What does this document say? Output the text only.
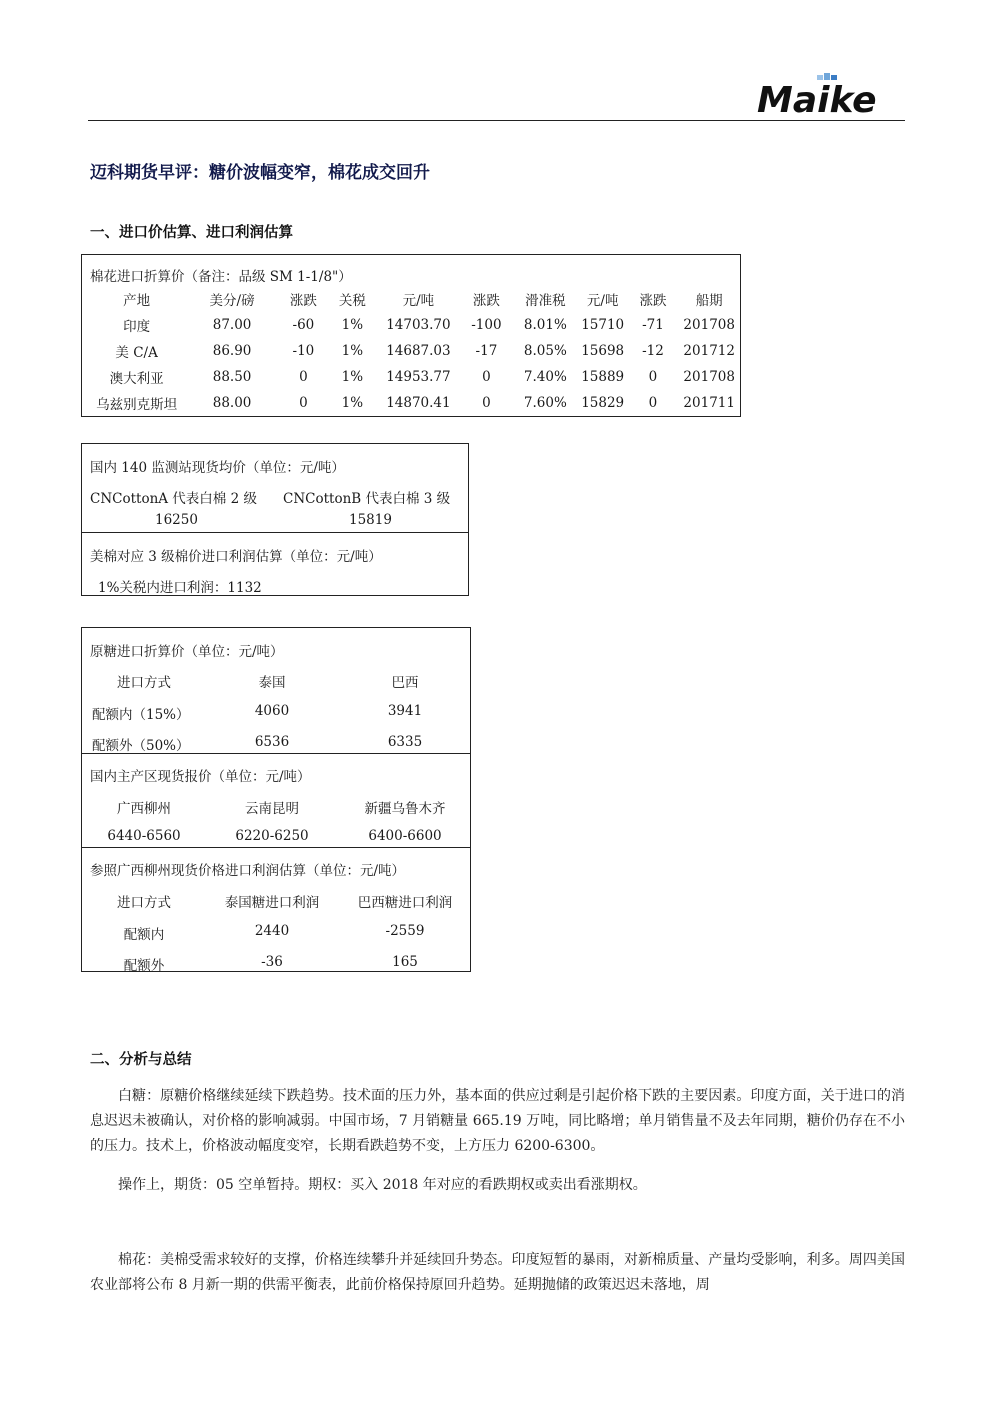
Maike
迈科期货早评：糖价波幅变窄，棉花成交回升
一、进口价估算、进口利润估算
棉花进口折算价（备注：品级 SM 1-1/8"）
产地	美分/磅	涨跌	关税	元/吨	涨跌	滑准税	元/吨	涨跌	船期
印度	87.00	-60	1%	14703.70	-100	8.01%	15710	-71	201708
美 C/A	86.90	-10	1%	14687.03	-17	8.05%	15698	-12	201712
澳大利亚	88.50	0	1%	14953.77	0	7.40%	15889	0	201708
乌兹别克斯坦	88.00	0	1%	14870.41	0	7.60%	15829	0	201711
国内 140 监测站现货均价（单位：元/吨）
CNCottonA 代表白棉 2 级 CNCottonB 代表白棉 3 级
16250	15819
美棉对应 3 级棉价进口利润估算（单位：元/吨）
1%关税内进口利润：1132
原糖进口折算价（单位：元/吨）
进口方式	泰国	巴西
配额内（15%）	4060	3941
配额外（50%）	6536	6335
国内主产区现货报价（单位：元/吨）
广西柳州	云南昆明	新疆乌鲁木齐
6440-6560	6220-6250	6400-6600
参照广西柳州现货价格进口利润估算（单位：元/吨）
进口方式	泰国糖进口利润	巴西糖进口利润
配额内	2440	-2559
配额外	-36	165
二、分析与总结
白糖：原糖价格继续延续下跌趋势。技术面的压力外，基本面的供应过剩是引起价格下跌的主要因素。印度方面，关于进口的消息迟迟未被确认，对价格的影响减弱。中国市场，7 月销糖量 665.19 万吨，同比略增；单月销售量不及去年同期，糖价仍存在不小的压力。技术上，价格波动幅度变窄，长期看跌趋势不变，上方压力 6200-6300。
操作上，期货：05 空单暂持。期权：买入 2018 年对应的看跌期权或卖出看涨期权。
棉花：美棉受需求较好的支撑，价格连续攀升并延续回升势态。印度短暂的暴雨，对新棉质量、产量均受影响，利多。周四美国农业部将公布 8 月新一期的供需平衡表，此前价格保持原回升趋势。延期抛储的政策迟迟未落地，周
